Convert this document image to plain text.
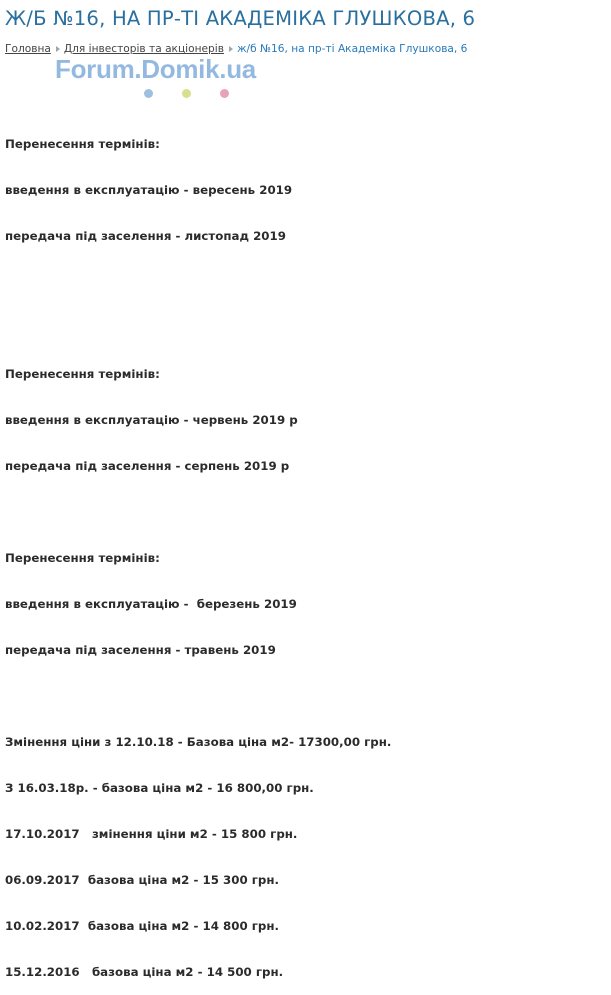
Ж/Б №16, НА ПР-ТІ АКАДЕМІКА ГЛУШКОВА, 6
Головна Для інвесторів та акціонерів ж/б №16, на пр-ті Академіка Глушкова, 6
Forum.Domik.ua

Перенесення термінів:

введення в експлуатацію - вересень 2019

передача під заселення - листопад 2019

Перенесення термінів:

введення в експлуатацію - червень 2019 р

передача під заселення - серпень 2019 р

Перенесення термінів:

введення в експлуатацію -  березень 2019

передача під заселення - травень 2019

Змінення ціни з 12.10.18 - Базова ціна м2- 17300,00 грн.

З 16.03.18р. - базова ціна м2 - 16 800,00 грн.

17.10.2017   змінення ціни м2 - 15 800 грн.

06.09.2017  базова ціна м2 - 15 300 грн.

10.02.2017  базова ціна м2 - 14 800 грн.

15.12.2016   базова ціна м2 - 14 500 грн.
